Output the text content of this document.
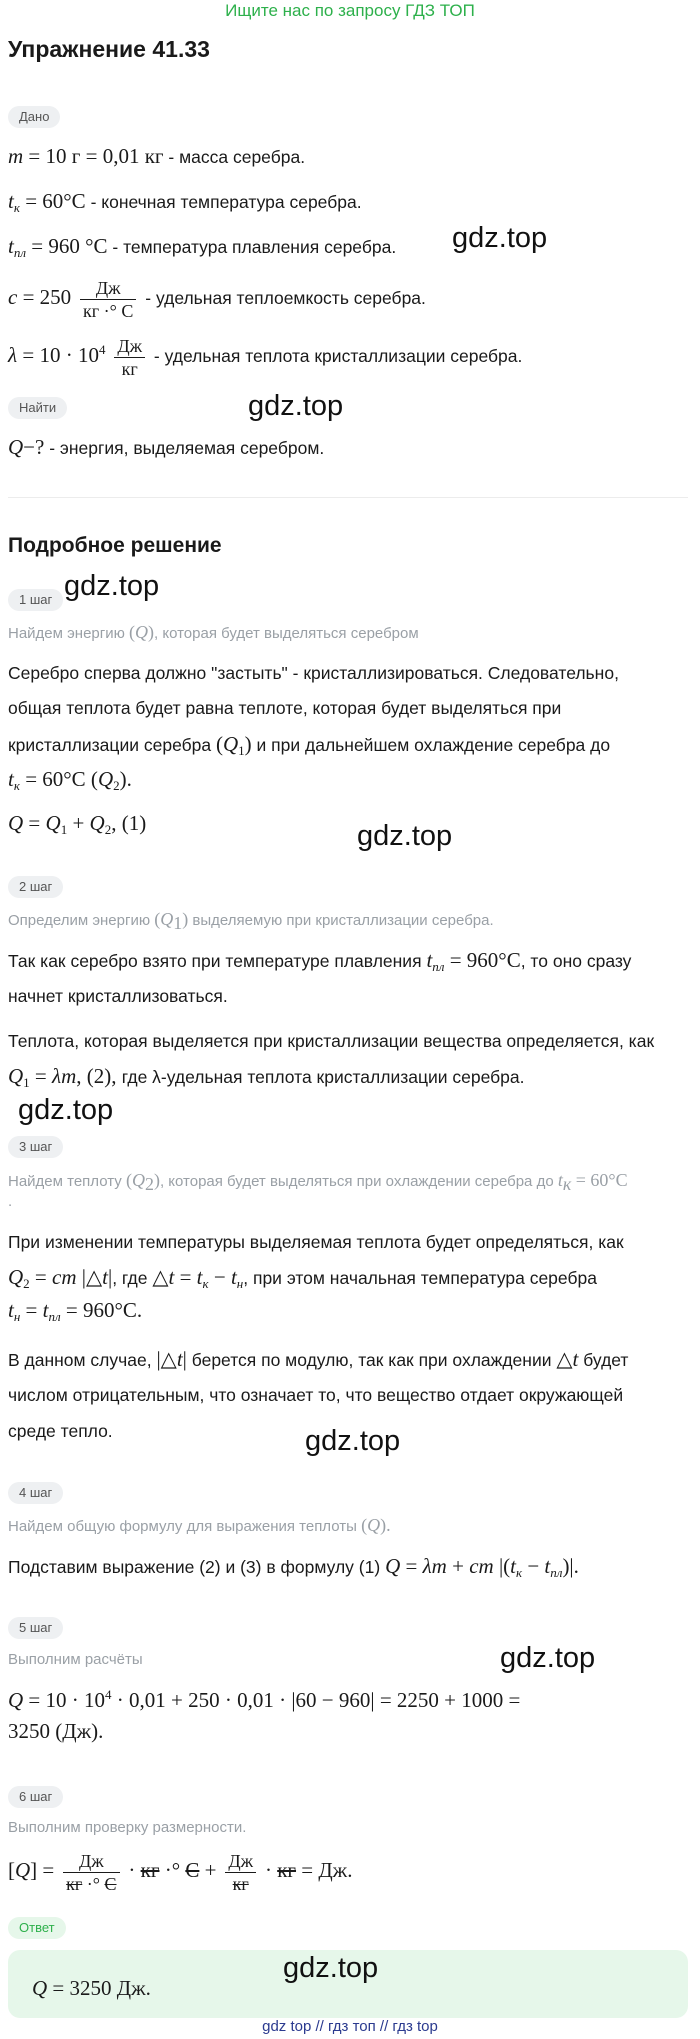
Ищите нас по запросу ГДЗ ТОП
Упражнение 41.33
Дано
m = 10 г = 0,01 кг - масса серебра.
$t_к = 60^\circ C$ - конечная температура серебра.
$t_{пл} = 960$ °C - температура плавления серебра.
$c = 250 \frac{Дж}{кг \cdot^\circ C}$ - удельная теплоемкость серебра.
$\lambda = 10 \cdot 10^4 \frac{Дж}{кг}$ - удельная теплота кристаллизации серебра.
gdz.top
Найти	gdz.top
Q−? - энергия, выделяемая серебром.
Подробное решение
gdz.top
1 шаг
Найдем энергию (Q), которая будет выделяться серебром
Серебро сперва должно "застыть" - кристаллизироваться. Следовательно,
общая теплота будет равна теплоте, которая будет выделяться при
кристаллизации серебра $(Q_1)$ и при дальнейшем охлаждение серебра до
$t_к = 60^\circ C$ $(Q_2)$.
$Q = Q_1 + Q_2$, (1)	gdz.top
2 шаг
Определим энергию (Q1) выделяемую при кристаллизации серебра.
Так как серебро взято при температуре плавления $t_{пл} = 960^\circ C$, то оно сразу
начнет кристаллизоваться.
Теплота, которая выделяется при кристаллизации вещества определяется, как
$Q_1 = \lambda m$, (2), где λ-удельная теплота кристаллизации серебра.
gdz.top
3 шаг
Найдем теплоту (Q2), которая будет выделяться при охлаждении серебра до tк = 60°C
.
При изменении температуры выделяемая теплота будет определяться, как
$Q_2$ = cm |△t|, где △t = $t_к - t_н$, при этом начальная температура серебра
$t_н = t_{пл} = 960^\circ C$.
В данном случае, |△t| берется по модулю, так как при охлаждении △t будет
числом отрицательным, что означает то, что вещество отдает окружающей
среде тепло.	gdz.top
4 шаг
Найдем общую формулу для выражения теплоты (Q).
Подставим выражение (2) и (3) в формулу (1) Q = λm + cm $|(t_к - t_{пл})|$.
5 шаг
gdz.top
Выполним расчёты
$Q = 10 \cdot 10^4 \cdot 0,01 + 250 \cdot 0,01 \cdot |60 - 960| = 2250 + 1000$ =
3250 (Дж).
6 шаг
Выполним проверку размерности.
$[Q] = \frac{Дж}{кг \cdot^\circ C}$ · кг ·° $C + \frac{Дж}{кг}$ · кг = Дж.
Ответ
gdz.top
Q = 3250 Дж.
gdz top // гдз топ // гдз top
